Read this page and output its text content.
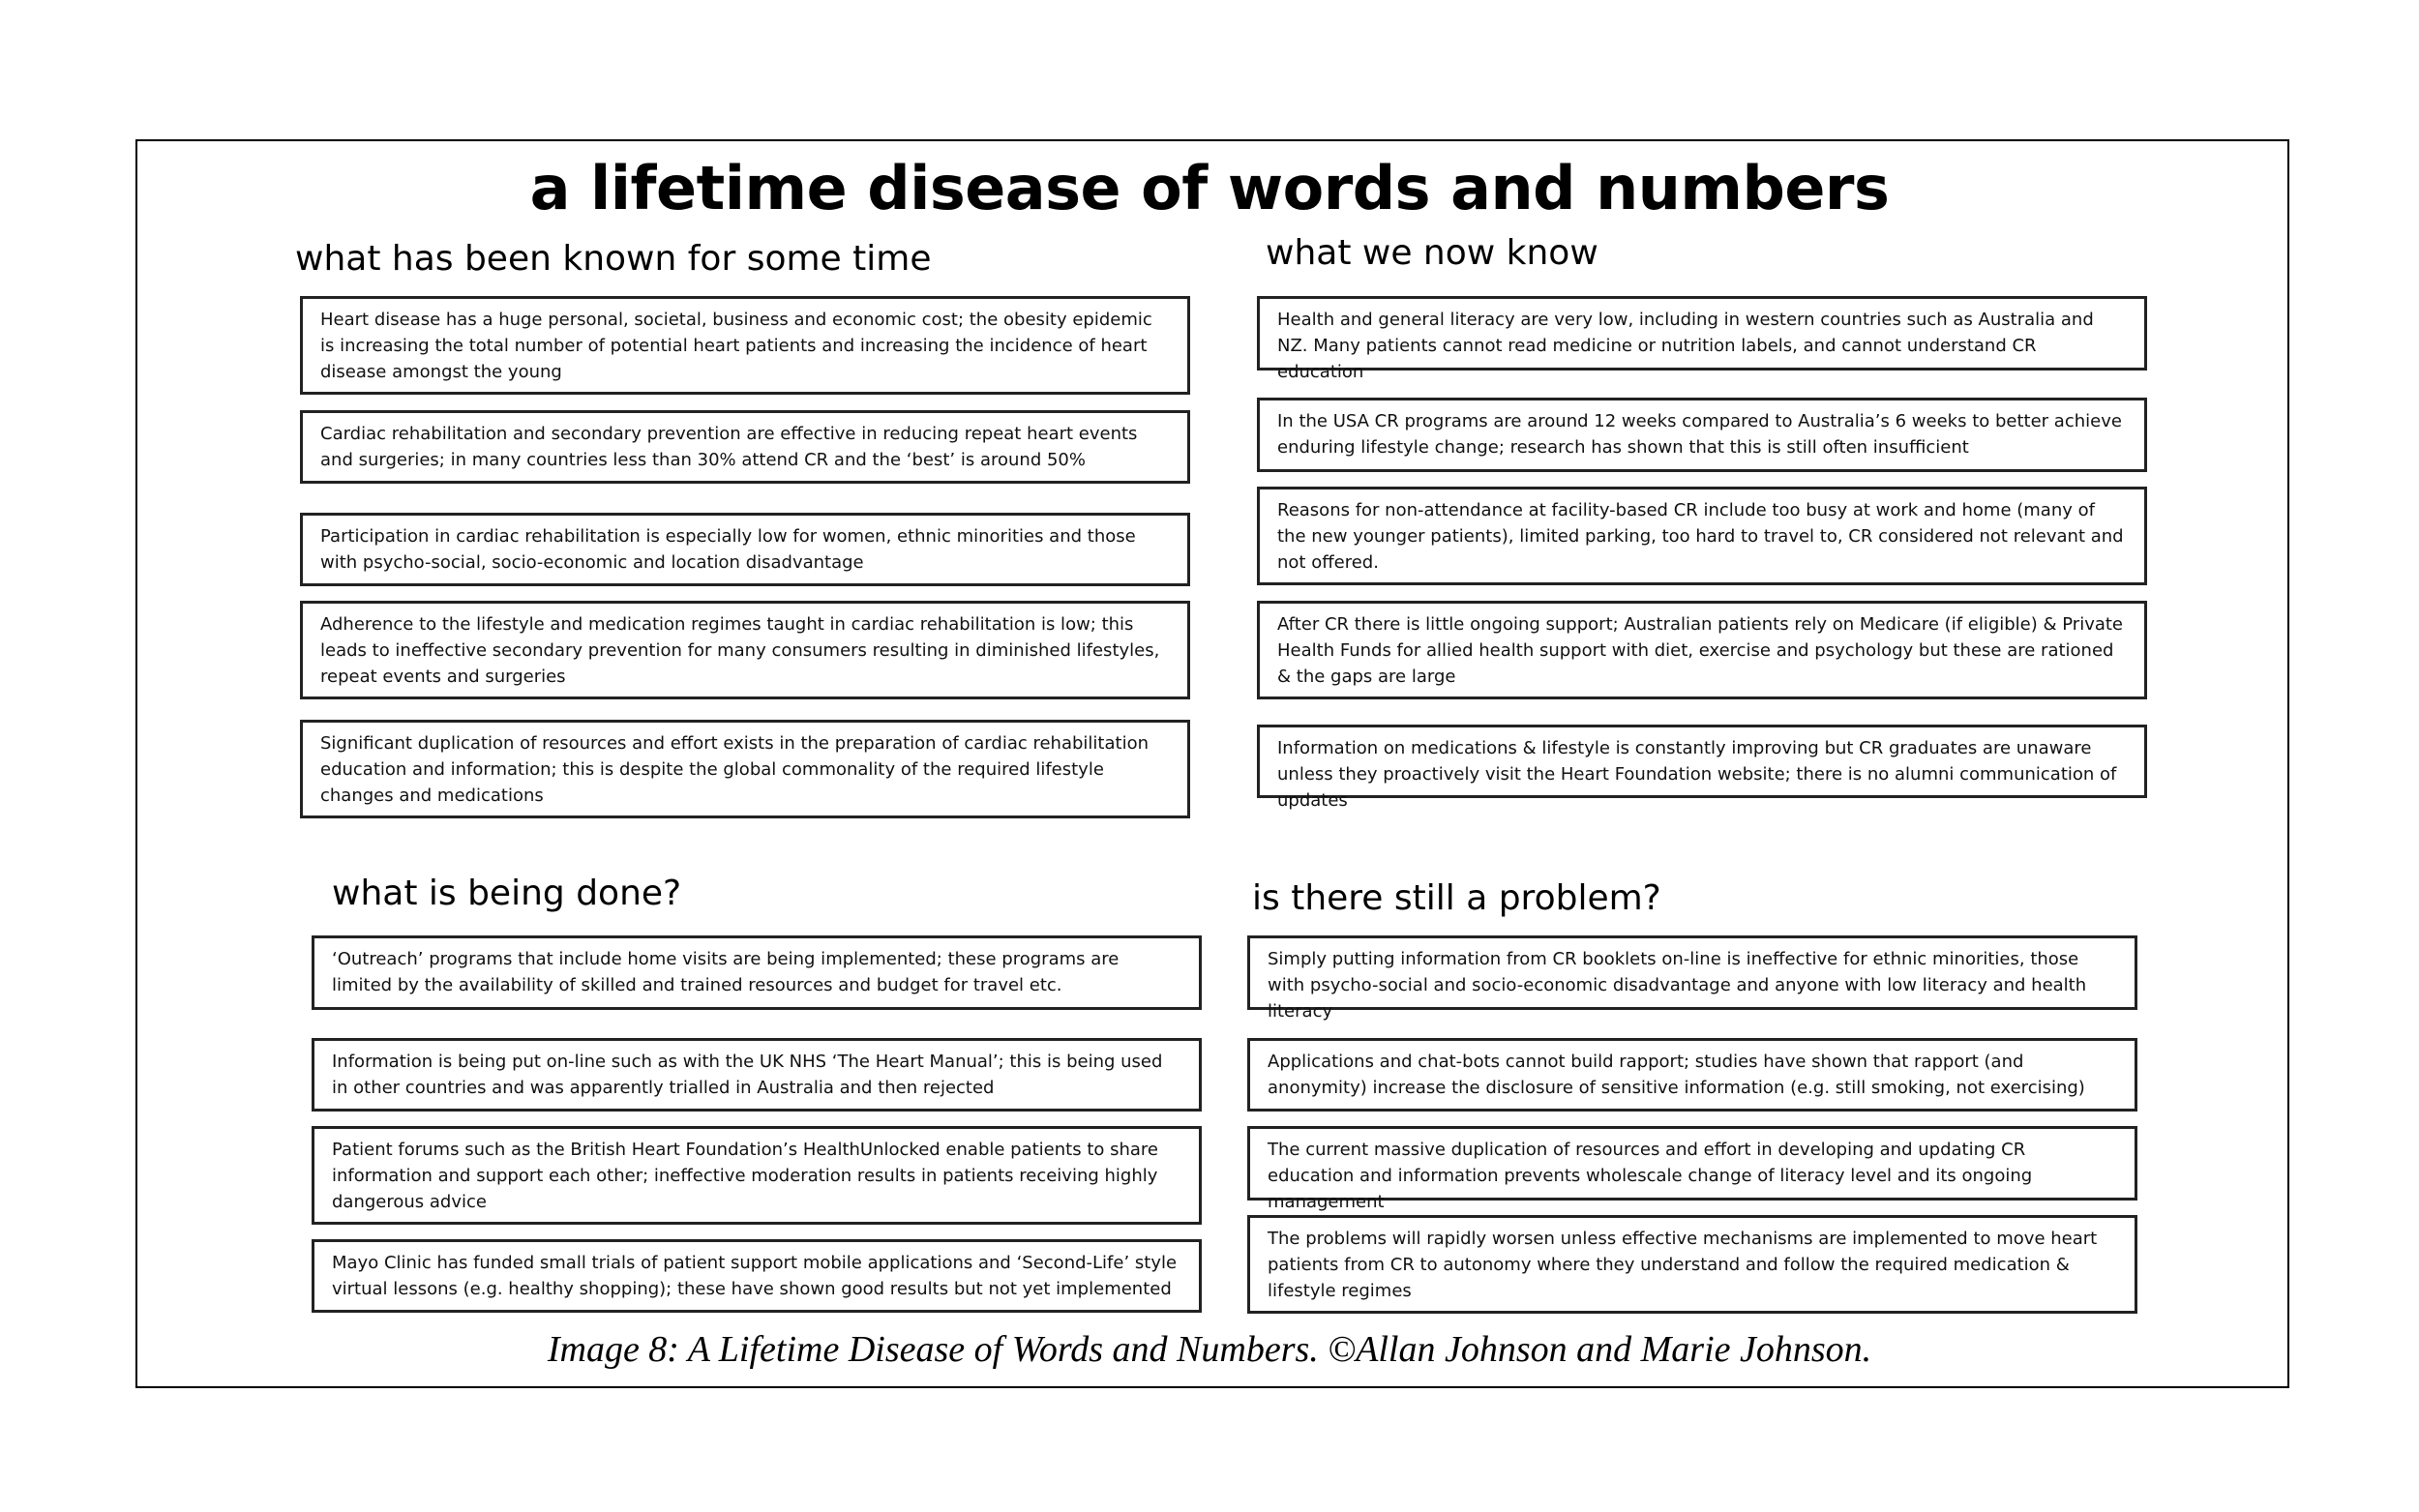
a lifetime disease of words and numbers
what has been known for some time
Heart disease has a huge personal, societal, business and economic cost; the obesity epidemic is increasing the total number of potential heart patients and increasing the incidence of heart disease amongst the young
Cardiac rehabilitation and secondary prevention are effective in reducing repeat heart events and surgeries; in many countries less than 30% attend CR and the ‘best’ is around 50%
Participation in cardiac rehabilitation is especially low for women, ethnic minorities and those with psycho-social, socio-economic and location disadvantage
Adherence to the lifestyle and medication regimes taught in cardiac rehabilitation is low; this leads to ineffective secondary prevention for many consumers resulting in diminished lifestyles, repeat events and surgeries
Significant duplication of resources and effort exists in the preparation of cardiac rehabilitation education and information; this is despite the global commonality of the required lifestyle changes and medications
what we now know
Health and general literacy are very low, including in western countries such as Australia and NZ. Many patients cannot read medicine or nutrition labels, and cannot understand CR education
In the USA CR programs are around 12 weeks compared to Australia’s 6 weeks to better achieve enduring lifestyle change; research has shown that this is still often insufficient
Reasons for non-attendance at facility-based CR include too busy at work and home (many of the new younger patients), limited parking, too hard to travel to, CR considered not relevant and not offered.
After CR there is little ongoing support; Australian patients rely on Medicare (if eligible) & Private Health Funds for allied health support with diet, exercise and psychology but these are rationed & the gaps are large
Information on medications & lifestyle is constantly improving but CR graduates are unaware unless they proactively visit the Heart Foundation website; there is no alumni communication of updates
what is being done?
‘Outreach’ programs that include home visits are being implemented; these programs are limited by the availability of skilled and trained resources and budget for travel etc.
Information is being put on-line such as with the UK NHS ‘The Heart Manual’; this is being used in other countries and was apparently trialled in Australia and then rejected
Patient forums such as the British Heart Foundation’s HealthUnlocked enable patients to share information and support each other; ineffective moderation results in patients receiving highly dangerous advice
Mayo Clinic has funded small trials of patient support mobile applications and ‘Second-Life’ style virtual lessons (e.g. healthy shopping); these have shown good results but not yet implemented
is there still a problem?
Simply putting information from CR booklets on-line is ineffective for ethnic minorities, those with psycho-social and socio-economic disadvantage and anyone with low literacy and health literacy
Applications and chat-bots cannot build rapport; studies have shown that rapport (and anonymity) increase the disclosure of sensitive information (e.g. still smoking, not exercising)
The current massive duplication of resources and effort in developing and updating CR education and information prevents wholescale change of literacy level and its ongoing management
The problems will rapidly worsen unless effective mechanisms are implemented to move heart patients from CR to autonomy where they understand and follow the required medication & lifestyle regimes
Image 8: A Lifetime Disease of Words and Numbers. ©Allan Johnson and Marie Johnson.
